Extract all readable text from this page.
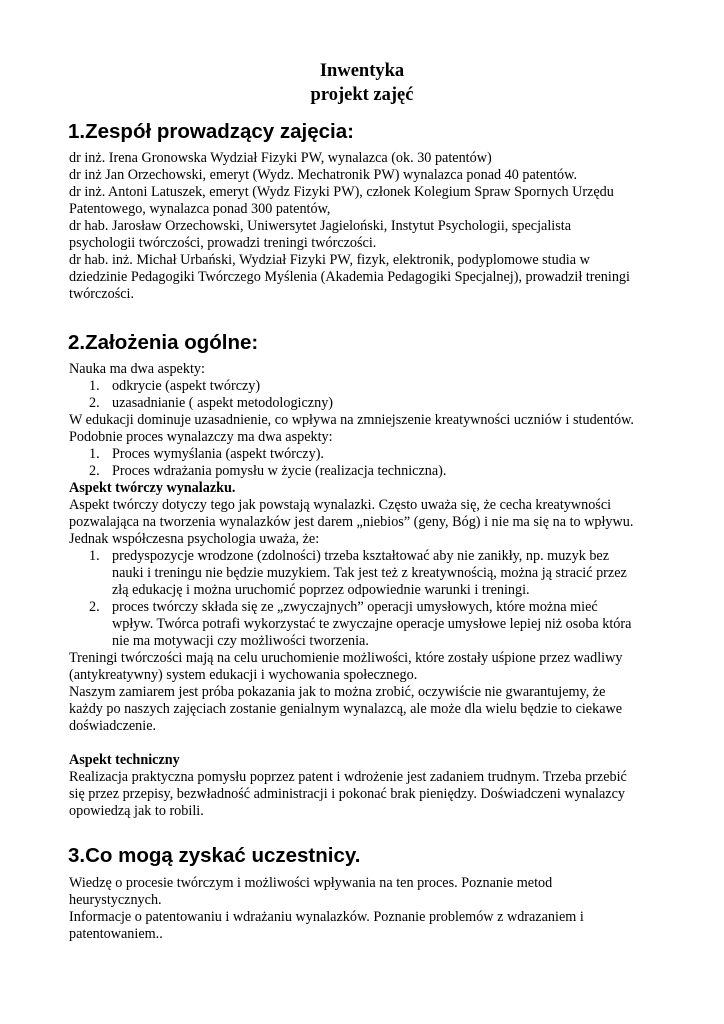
Inwentyka
projekt zajęć
1.Zespół prowadzący zajęcia:
dr inż. Irena Gronowska Wydział Fizyki PW, wynalazca (ok. 30 patentów)
dr inż Jan Orzechowski, emeryt (Wydz. Mechatronik PW) wynalazca ponad 40 patentów.
dr inż. Antoni Latuszek, emeryt (Wydz Fizyki PW), członek Kolegium Spraw Spornych Urzędu
Patentowego, wynalazca ponad 300 patentów,
dr hab. Jarosław Orzechowski, Uniwersytet Jagieloński, Instytut Psychologii, specjalista
psychologii twórczości, prowadzi treningi twórczości.
dr hab. inż. Michał Urbański, Wydział Fizyki PW, fizyk, elektronik, podyplomowe studia w
dziedzinie Pedagogiki Twórczego Myślenia (Akademia Pedagogiki Specjalnej), prowadził treningi
twórczości.
2.Założenia ogólne:
Nauka ma dwa aspekty:
1. odkrycie (aspekt twórczy)
2. uzasadnianie ( aspekt metodologiczny)
W edukacji dominuje uzasadnienie, co wpływa na zmniejszenie kreatywności uczniów i studentów.
Podobnie proces wynalazczy ma dwa aspekty:
1. Proces wymyślania (aspekt twórczy).
2. Proces wdrażania pomysłu w życie (realizacja techniczna).
Aspekt twórczy wynalazku.
Aspekt twórczy dotyczy tego jak powstają wynalazki. Często uważa się, że cecha kreatywności
pozwalająca na tworzenia wynalazków jest darem „niebios” (geny, Bóg) i nie ma się na to wpływu.
Jednak współczesna psychologia uważa, że:
1. predyspozycje wrodzone (zdolności) trzeba kształtować aby nie zanikły, np. muzyk bez
nauki i treningu nie będzie muzykiem. Tak jest też z kreatywnością, można ją stracić przez
złą edukację i można uruchomić poprzez odpowiednie warunki i treningi.
2. proces twórczy składa się ze „zwyczajnych” operacji umysłowych, które można mieć
wpływ. Twórca potrafi wykorzystać te zwyczajne operacje umysłowe lepiej niż osoba która
nie ma motywacji czy możliwości tworzenia.
Treningi twórczości mają na celu uruchomienie możliwości, które zostały uśpione przez wadliwy
(antykreatywny) system edukacji i wychowania społecznego.
Naszym zamiarem jest próba pokazania jak to można zrobić, oczywiście nie gwarantujemy, że
każdy po naszych zajęciach zostanie genialnym wynalazcą, ale może dla wielu będzie to ciekawe
doświadczenie.
Aspekt techniczny
Realizacja praktyczna pomysłu poprzez patent i wdrożenie jest zadaniem trudnym. Trzeba przebić
się przez przepisy, bezwładność administracji i pokonać brak pieniędzy. Doświadczeni wynalazcy
opowiedzą jak to robili.
3.Co mogą zyskać uczestnicy.
Wiedzę o procesie twórczym i możliwości wpływania na ten proces. Poznanie metod
heurystycznych.
Informacje o patentowaniu i wdrażaniu wynalazków. Poznanie problemów z wdrazaniem i
patentowaniem..
